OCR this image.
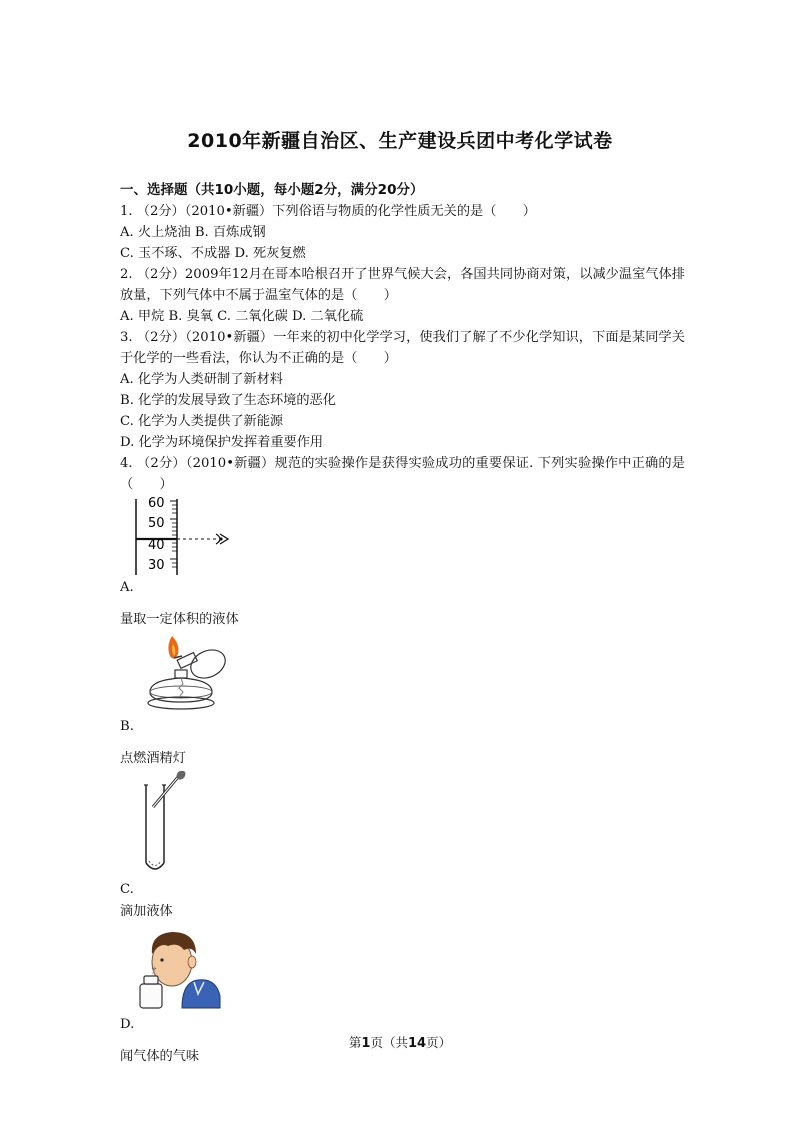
2010年新疆自治区、生产建设兵团中考化学试卷
一、选择题（共10小题，每小题2分，满分20分）
1. （2分）（2010•新疆）下列俗语与物质的化学性质无关的是（　　）
A. 火上烧油 B. 百炼成钢
C. 玉不琢、不成器 D. 死灰复燃
2. （2分）2009年12月在哥本哈根召开了世界气候大会，各国共同协商对策，以减少温室气体排放量，下列气体中不属于温室气体的是（　　）
A. 甲烷 B. 臭氧 C. 二氧化碳 D. 二氧化硫
3. （2分）（2010•新疆）一年来的初中化学学习，使我们了解了不少化学知识，下面是某同学关于化学的一些看法，你认为不正确的是（　　）
A. 化学为人类研制了新材料
B. 化学的发展导致了生态环境的恶化
C. 化学为人类提供了新能源
D. 化学为环境保护发挥着重要作用
4. （2分）（2010•新疆）规范的实验操作是获得实验成功的重要保证. 下列实验操作中正确的是（　　）
60
50
40
30
A.
量取一定体积的液体
B.
点燃酒精灯
C.
滴加液体
D.
闻气体的气味
第1页（共14页）
